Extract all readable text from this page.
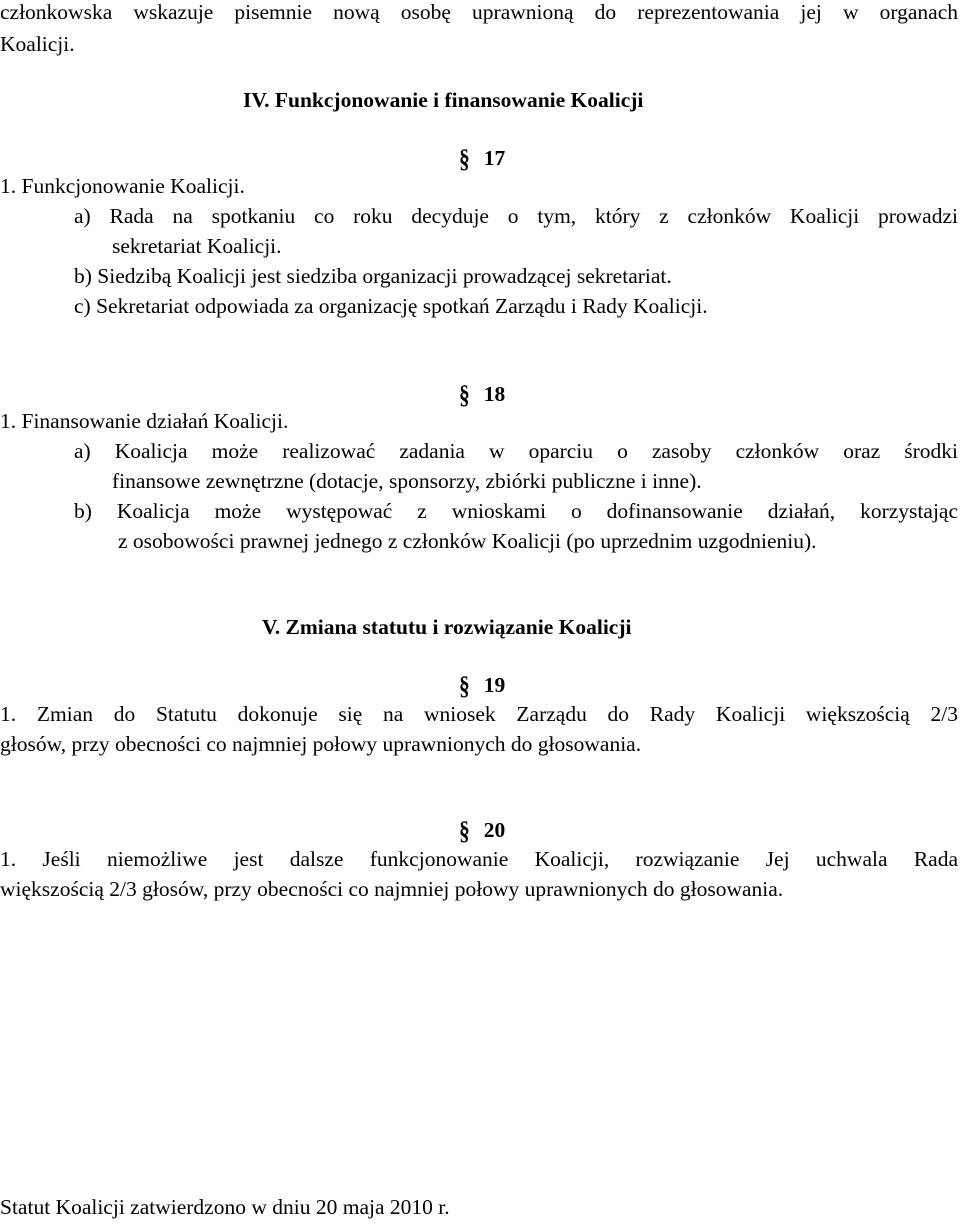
członkowska wskazuje pisemnie nową osobę uprawnioną do reprezentowania jej w organach
Koalicji.
IV. Funkcjonowanie i finansowanie Koalicji
§ 17
1. Funkcjonowanie Koalicji.
a) Rada na spotkaniu co roku decyduje o tym, który z członków Koalicji prowadzi
sekretariat Koalicji.
b) Siedzibą Koalicji jest siedziba organizacji prowadzącej sekretariat.
c) Sekretariat odpowiada za organizację spotkań Zarządu i Rady Koalicji.
§ 18
1. Finansowanie działań Koalicji.
a) Koalicja może realizować zadania w oparciu o zasoby członków oraz środki
finansowe zewnętrzne (dotacje, sponsorzy, zbiórki publiczne i inne).
b) Koalicja może występować z wnioskami o dofinansowanie działań, korzystając
z osobowości prawnej jednego z członków Koalicji (po uprzednim uzgodnieniu).
V. Zmiana statutu i rozwiązanie Koalicji
§ 19
1. Zmian do Statutu dokonuje się na wniosek Zarządu do Rady Koalicji większością 2/3
głosów, przy obecności co najmniej połowy uprawnionych do głosowania.
§ 20
1. Jeśli niemożliwe jest dalsze funkcjonowanie Koalicji, rozwiązanie Jej uchwala Rada
większością 2/3 głosów, przy obecności co najmniej połowy uprawnionych do głosowania.
Statut Koalicji zatwierdzono w dniu 20 maja 2010 r.
